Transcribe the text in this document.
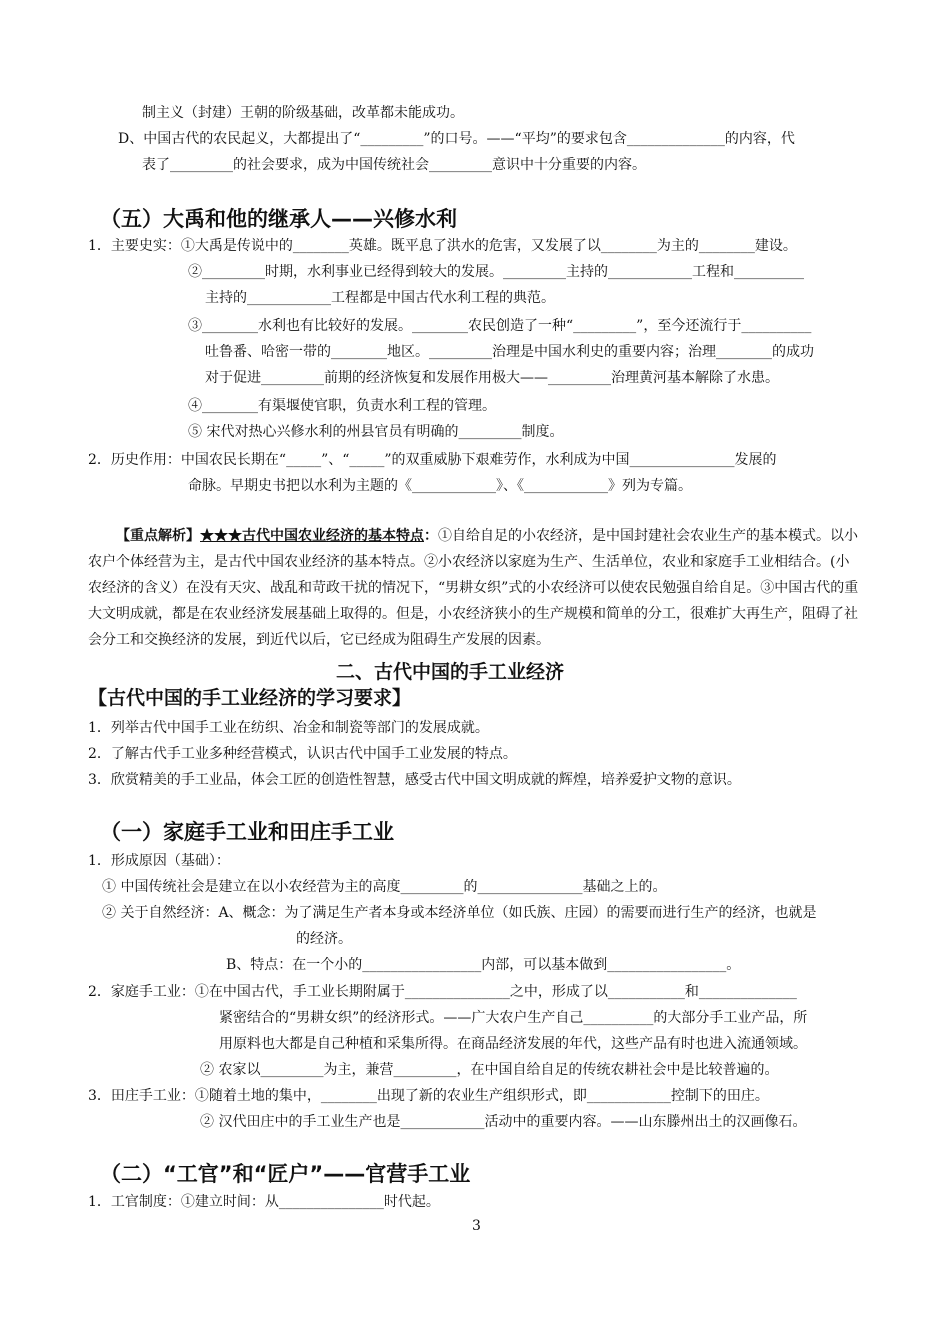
（五）大禹和他的继承人——兴修水利
二、古代中国的手工业经济
【古代中国的手工业经济的学习要求】
（一）家庭手工业和田庄手工业
（二）“工官”和“匠户”——官营手工业
制主义（封建）王朝的阶级基础，改革都未能成功。
D、中国古代的农民起义，大都提出了“_________”的口号。——“平均”的要求包含______________的内容，代
表了_________的社会要求，成为中国传统社会_________意识中十分重要的内容。
1．主要史实：①大禹是传说中的________英雄。既平息了洪水的危害，又发展了以________为主的________建设。
②_________时期，水利事业已经得到较大的发展。_________主持的____________工程和__________
主持的____________工程都是中国古代水利工程的典范。
③________水利也有比较好的发展。________农民创造了一种“_________”，至今还流行于__________
吐鲁番、哈密一带的________地区。_________治理是中国水利史的重要内容；治理________的成功
对于促进_________前期的经济恢复和发展作用极大——_________治理黄河基本解除了水患。
④________有渠堰使官职，负责水利工程的管理。
⑤ 宋代对热心兴修水利的州县官员有明确的_________制度。
2．历史作用：中国农民长期在“_____”、“_____”的双重威胁下艰难劳作，水利成为中国_______________发展的
命脉。早期史书把以水利为主题的《____________》、《____________》列为专篇。
1．列举古代中国手工业在纺织、冶金和制瓷等部门的发展成就。
2．了解古代手工业多种经营模式，认识古代中国手工业发展的特点。
3．欣赏精美的手工业品，体会工匠的创造性智慧，感受古代中国文明成就的辉煌，培养爱护文物的意识。
1．形成原因（基础）：
① 中国传统社会是建立在以小农经营为主的高度_________的_______________基础之上的。
② 关于自然经济：A、概念：为了满足生产者本身或本经济单位（如氏族、庄园）的需要而进行生产的经济，也就是
的经济。
B、特点：在一个小的_________________内部，可以基本做到_________________。
2．家庭手工业：①在中国古代，手工业长期附属于_______________之中，形成了以___________和______________
紧密结合的“男耕女织”的经济形式。——广大农户生产自己__________的大部分手工业产品，所
用原料也大都是自己种植和采集所得。在商品经济发展的年代，这些产品有时也进入流通领域。
② 农家以_________为主，兼营_________，在中国自给自足的传统农耕社会中是比较普遍的。
3．田庄手工业：①随着土地的集中，________出现了新的农业生产组织形式，即____________控制下的田庄。
② 汉代田庄中的手工业生产也是____________活动中的重要内容。——山东滕州出土的汉画像石。
1．工官制度：①建立时间：从_______________时代起。
【重点解析】★★★古代中国农业经济的基本特点：①自给自足的小农经济，是中国封建社会农业生产的基本模式。以小农户个体经营为主，是古代中国农业经济的基本特点。②小农经济以家庭为生产、生活单位，农业和家庭手工业相结合。(小农经济的含义）在没有天灾、战乱和苛政干扰的情况下，“男耕女织”式的小农经济可以使农民勉强自给自足。③中国古代的重大文明成就，都是在农业经济发展基础上取得的。但是，小农经济狭小的生产规模和简单的分工，很难扩大再生产，阻碍了社会分工和交换经济的发展，到近代以后，它已经成为阻碍生产发展的因素。
3
